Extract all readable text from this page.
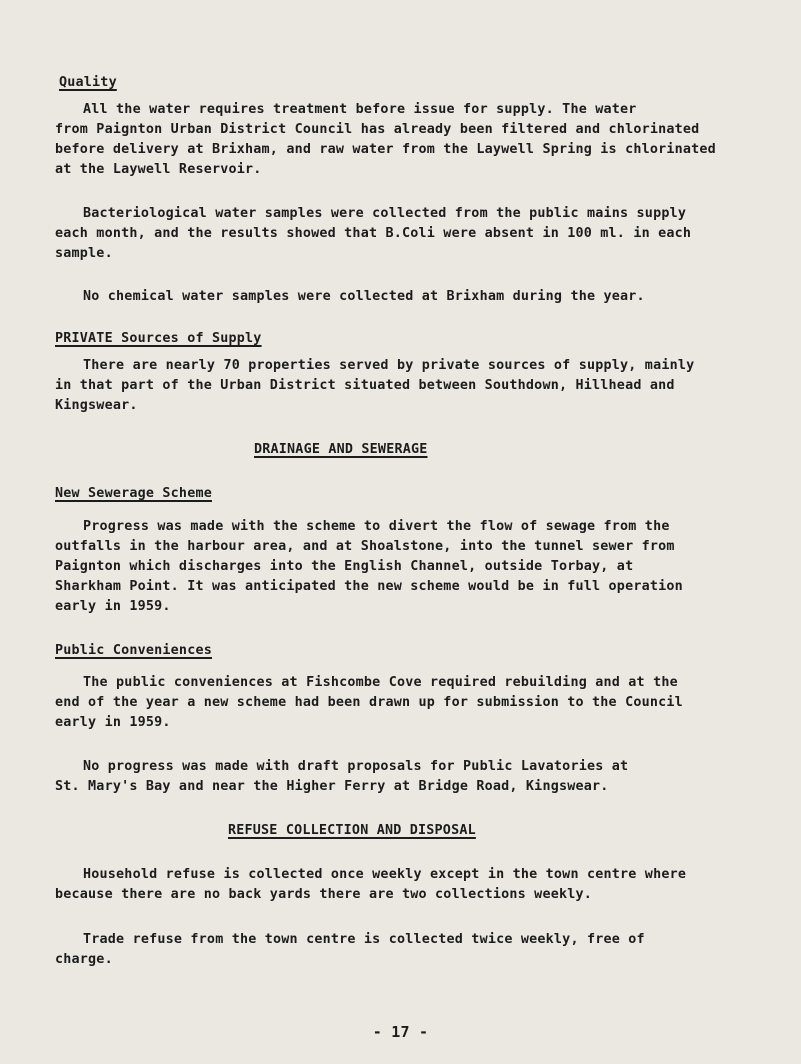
Quality
All the water requires treatment before issue for supply. The water
from Paignton Urban District Council has already been filtered and chlorinated
before delivery at Brixham, and raw water from the Laywell Spring is chlorinated
at the Laywell Reservoir.
Bacteriological water samples were collected from the public mains supply
each month, and the results showed that B.Coli were absent in 100 ml. in each
sample.
No chemical water samples were collected at Brixham during the year.
PRIVATE Sources of Supply
There are nearly 70 properties served by private sources of supply, mainly
in that part of the Urban District situated between Southdown, Hillhead and
Kingswear.
DRAINAGE AND SEWERAGE
New Sewerage Scheme
Progress was made with the scheme to divert the flow of sewage from the
outfalls in the harbour area, and at Shoalstone, into the tunnel sewer from
Paignton which discharges into the English Channel, outside Torbay, at
Sharkham Point. It was anticipated the new scheme would be in full operation
early in 1959.
Public Conveniences
The public conveniences at Fishcombe Cove required rebuilding and at the
end of the year a new scheme had been drawn up for submission to the Council
early in 1959.
No progress was made with draft proposals for Public Lavatories at
St. Mary's Bay and near the Higher Ferry at Bridge Road, Kingswear.
REFUSE COLLECTION AND DISPOSAL
Household refuse is collected once weekly except in the town centre where
because there are no back yards there are two collections weekly.
Trade refuse from the town centre is collected twice weekly, free of
charge.
- 17 -
